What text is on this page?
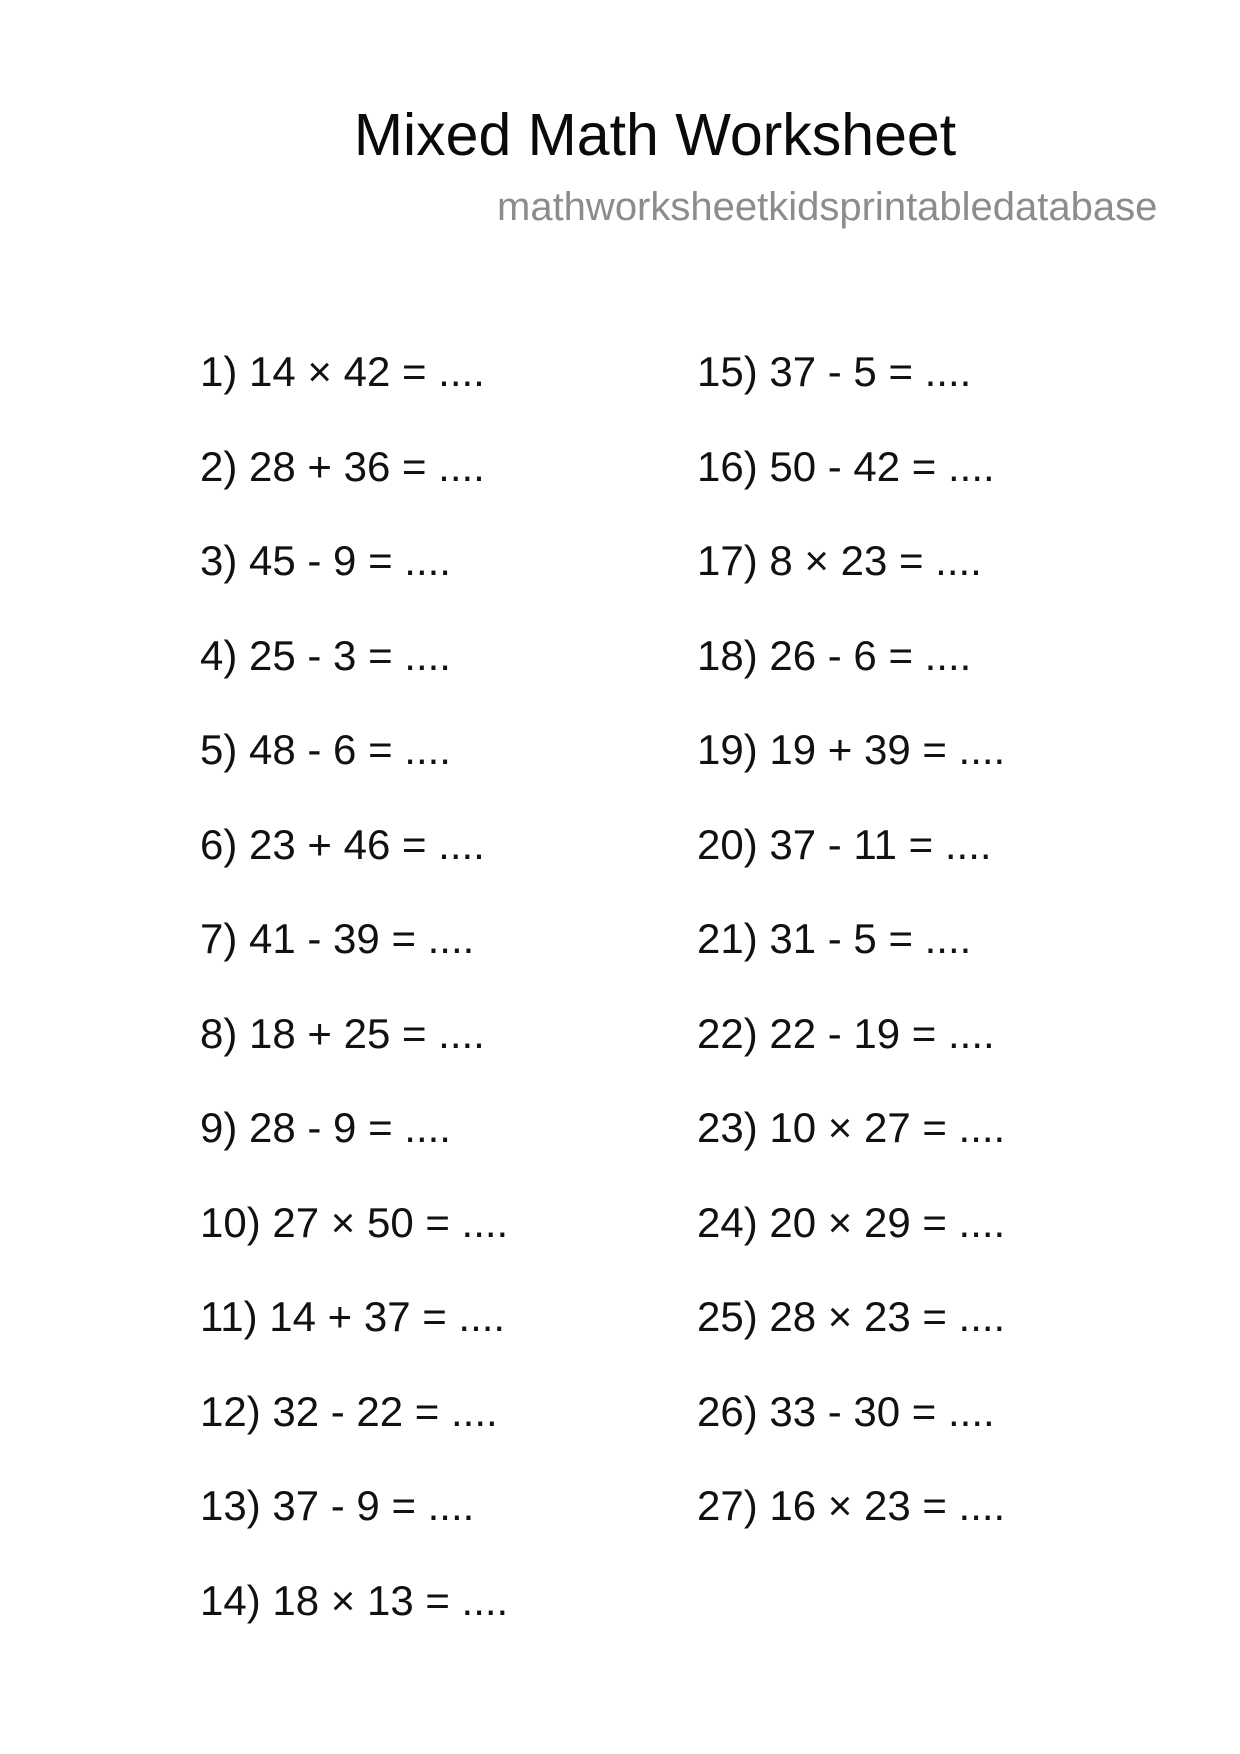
Mixed Math Worksheet
mathworksheetkidsprintabledatabase
1) 14 × 42 = ....
2) 28 + 36 = ....
3) 45 - 9 = ....
4) 25 - 3 = ....
5) 48 - 6 = ....
6) 23 + 46 = ....
7) 41 - 39 = ....
8) 18 + 25 = ....
9) 28 - 9 = ....
10) 27 × 50 = ....
11) 14 + 37 = ....
12) 32 - 22 = ....
13) 37 - 9 = ....
14) 18 × 13 = ....
15) 37 - 5 = ....
16) 50 - 42 = ....
17) 8 × 23 = ....
18) 26 - 6 = ....
19) 19 + 39 = ....
20) 37 - 11 = ....
21) 31 - 5 = ....
22) 22 - 19 = ....
23) 10 × 27 = ....
24) 20 × 29 = ....
25) 28 × 23 = ....
26) 33 - 30 = ....
27) 16 × 23 = ....
